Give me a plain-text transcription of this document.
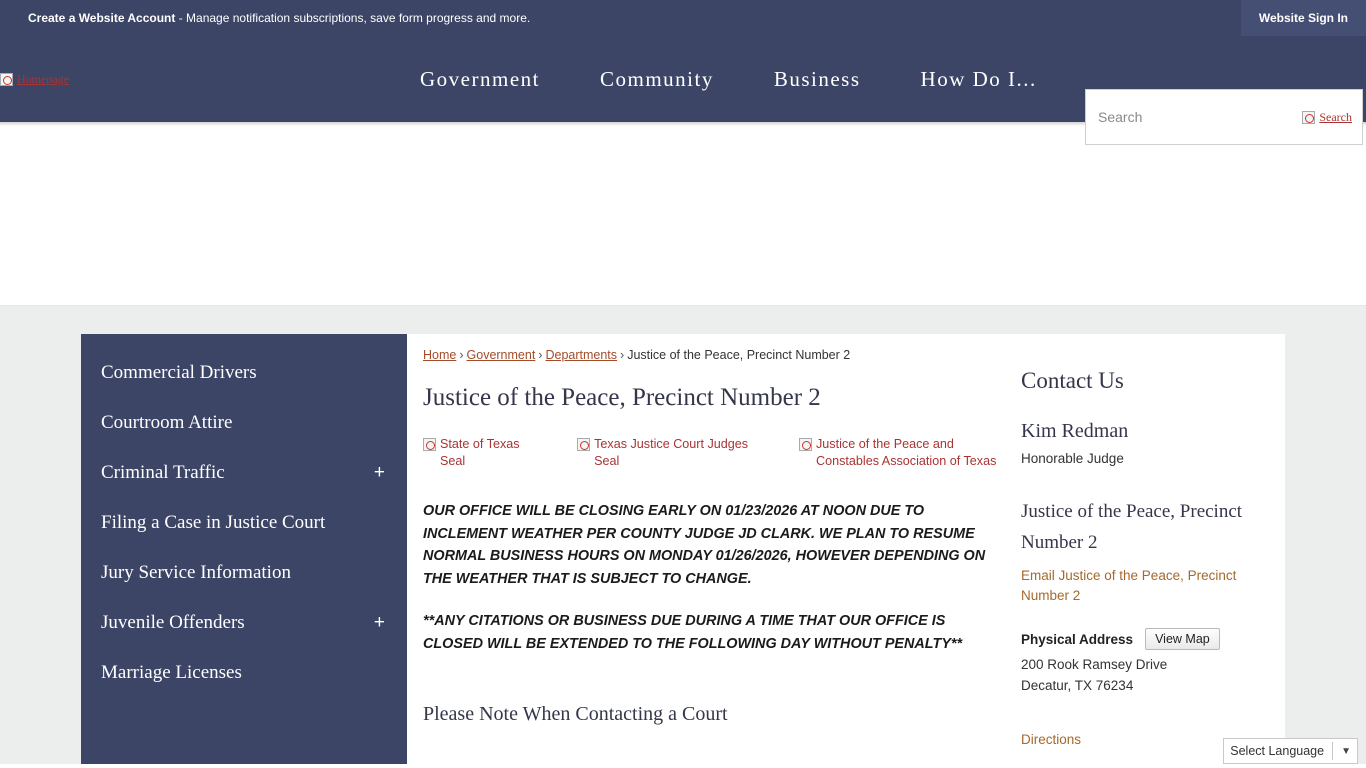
Create a Website Account - Manage notification subscriptions, save form progress and more.	Website Sign In
Homepage	Government	Community	Business	How Do I...
Search
Search
Commercial Drivers
Courtroom Attire
Criminal Traffic	+
Filing a Case in Justice Court
Jury Service Information
Juvenile Offenders	+
Marriage Licenses
Home › Government › Departments › Justice of the Peace, Precinct Number 2
Justice of the Peace, Precinct Number 2
State of Texas Seal
Texas Justice Court Judges Seal
Justice of the Peace and Constables Association of Texas
OUR OFFICE WILL BE CLOSING EARLY ON 01/23/2026 AT NOON DUE TO INCLEMENT WEATHER PER COUNTY JUDGE JD CLARK. WE PLAN TO RESUME NORMAL BUSINESS HOURS ON MONDAY 01/26/2026, HOWEVER DEPENDING ON THE WEATHER THAT IS SUBJECT TO CHANGE.
**ANY CITATIONS OR BUSINESS DUE DURING A TIME THAT OUR OFFICE IS CLOSED WILL BE EXTENDED TO THE FOLLOWING DAY WITHOUT PENALTY**
Please Note When Contacting a Court
Contact Us
Kim Redman
Honorable Judge
Justice of the Peace, Precinct Number 2
Email Justice of the Peace, Precinct Number 2
Physical Address	View Map
200 Rook Ramsey Drive
Decatur, TX 76234
Directions
Select Language ▼
